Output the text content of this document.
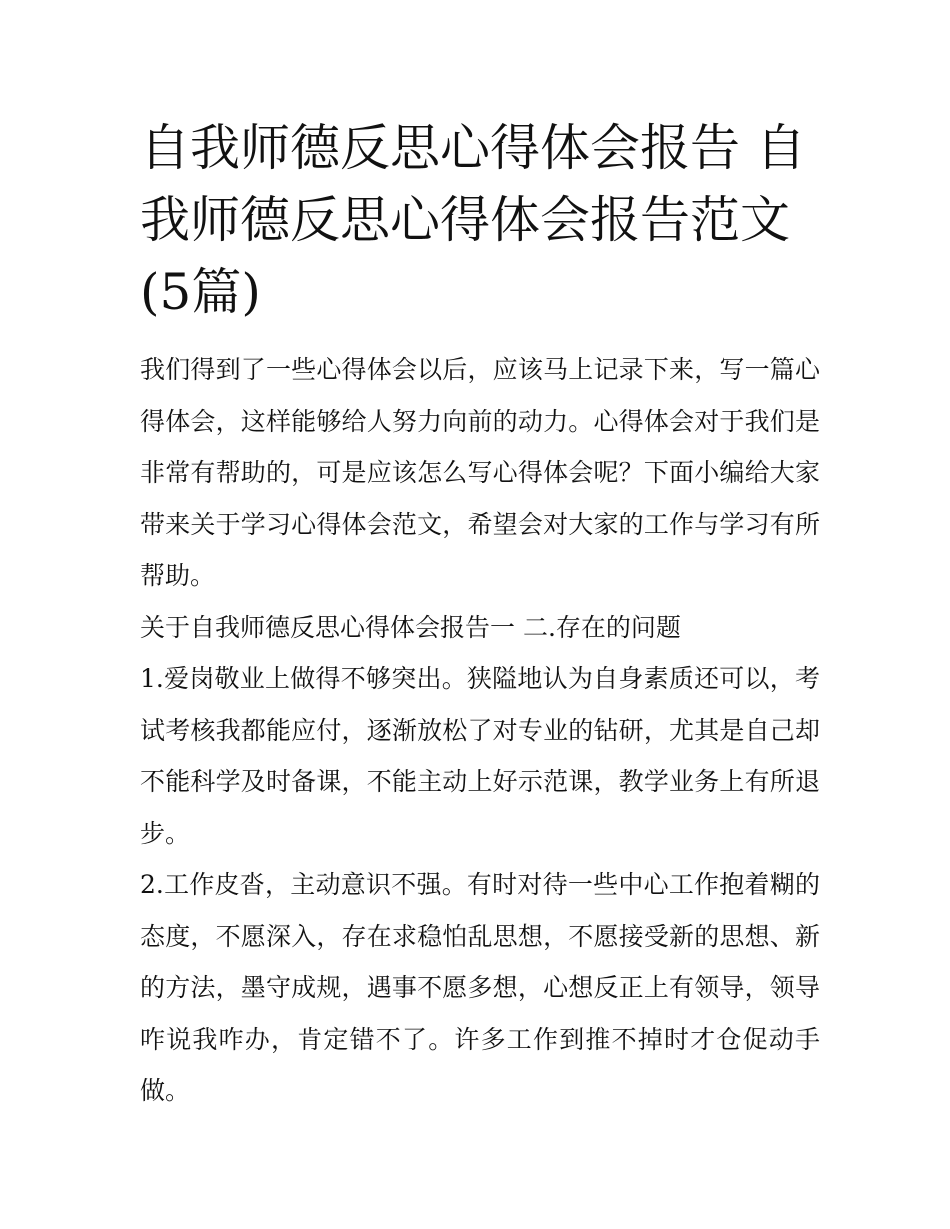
自我师德反思心得体会报告 自我师德反思心得体会报告范文(5篇)

我们得到了一些心得体会以后，应该马上记录下来，写一篇心得体会，这样能够给人努力向前的动力。心得体会对于我们是非常有帮助的，可是应该怎么写心得体会呢？下面小编给大家带来关于学习心得体会范文，希望会对大家的工作与学习有所帮助。

关于自我师德反思心得体会报告一 二.存在的问题

1.爱岗敬业上做得不够突出。狭隘地认为自身素质还可以，考试考核我都能应付，逐渐放松了对专业的钻研，尤其是自己却不能科学及时备课，不能主动上好示范课，教学业务上有所退步。

2.工作皮沓，主动意识不强。有时对待一些中心工作抱着糊的态度，不愿深入，存在求稳怕乱思想，不愿接受新的思想、新的方法，墨守成规，遇事不愿多想，心想反正上有领导，领导咋说我咋办，肯定错不了。许多工作到推不掉时才仓促动手做。
